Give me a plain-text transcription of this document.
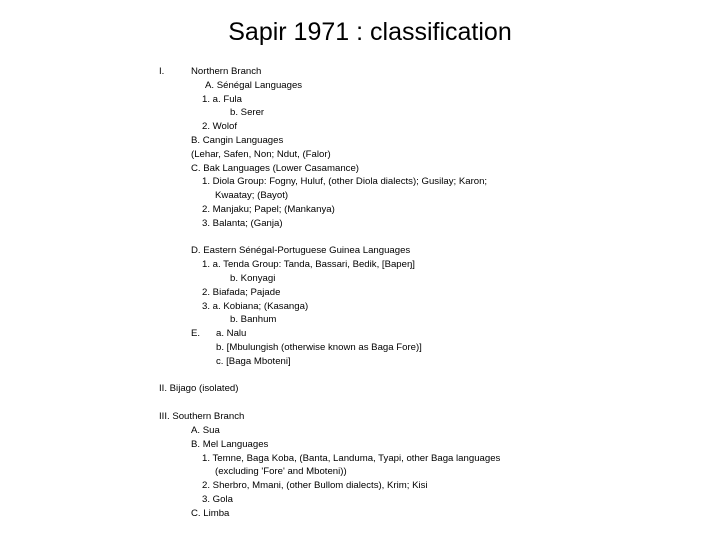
Sapir 1971 : classification
I.	Northern Branch
A. Sénégal Languages
1. a. Fula
b. Serer
2. Wolof
B. Cangin Languages
(Lehar, Safen, Non; Ndut, (Falor)
C. Bak Languages (Lower Casamance)
1. Diola Group: Fogny, Huluf, (other Diola dialects); Gusilay; Karon;
Kwaatay; (Bayot)
2. Manjaku; Papel; (Mankanya)
3. Balanta; (Ganja)
D. Eastern Sénégal-Portuguese Guinea Languages
1. a. Tenda Group: Tanda, Bassari, Bedik, [Bapeŋ]
b. Konyagi
2. Biafada; Pajade
3. a. Kobiana; (Kasanga)
b. Banhum
E. a. Nalu
b. [Mbulungish (otherwise known as Baga Fore)]
c. [Baga Mboteni]
II. Bijago (isolated)
III. Southern Branch
A. Sua
B. Mel Languages
1. Temne, Baga Koba, (Banta, Landuma, Tyapi, other Baga languages
(excluding 'Fore' and Mboteni))
2. Sherbro, Mmani, (other Bullom dialects), Krim; Kisi
3. Gola
C. Limba
